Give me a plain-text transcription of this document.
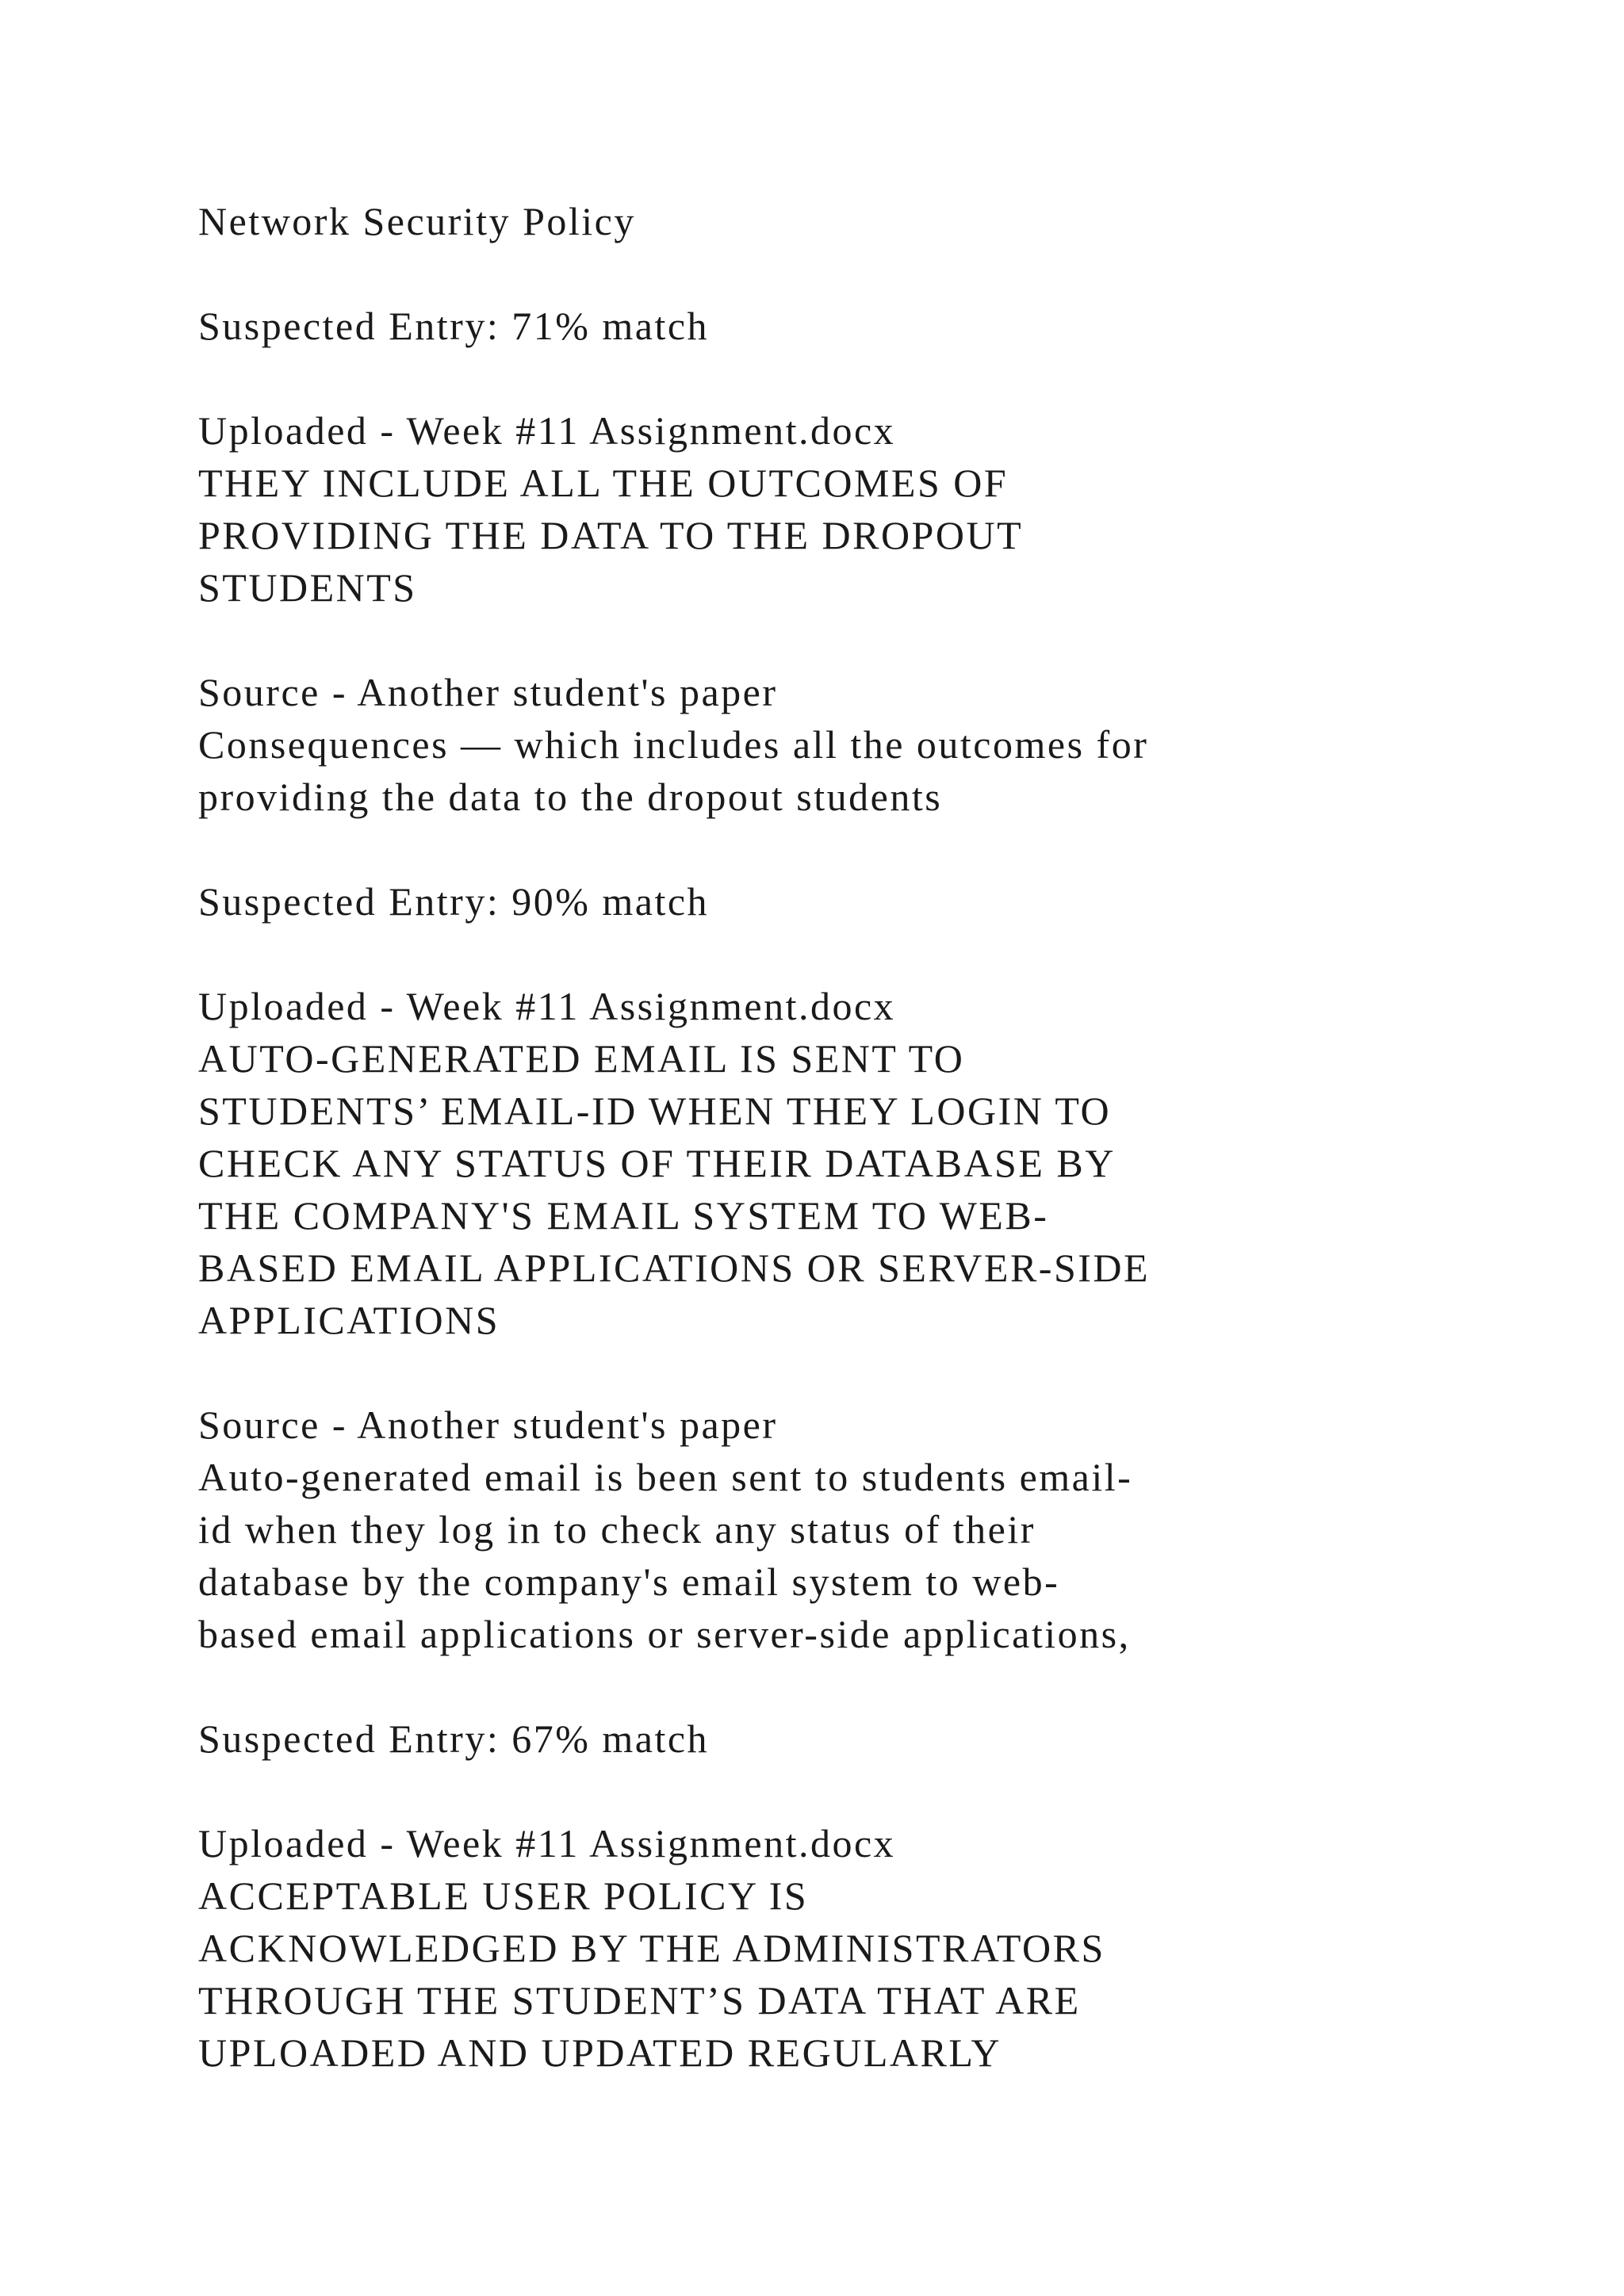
Network Security Policy

Suspected Entry: 71% match

Uploaded - Week #11 Assignment.docx

THEY INCLUDE ALL THE OUTCOMES OF

PROVIDING THE DATA TO THE DROPOUT

STUDENTS

Source - Another student's paper

Consequences — which includes all the outcomes for

providing the data to the dropout students

Suspected Entry: 90% match

Uploaded - Week #11 Assignment.docx

AUTO-GENERATED EMAIL IS SENT TO

STUDENTS’ EMAIL-ID WHEN THEY LOGIN TO

CHECK ANY STATUS OF THEIR DATABASE BY

THE COMPANY'S EMAIL SYSTEM TO WEB-

BASED EMAIL APPLICATIONS OR SERVER-SIDE

APPLICATIONS

Source - Another student's paper

Auto-generated email is been sent to students email-

id when they log in to check any status of their

database by the company's email system to web-

based email applications or server-side applications,

Suspected Entry: 67% match

Uploaded - Week #11 Assignment.docx

ACCEPTABLE USER POLICY IS

ACKNOWLEDGED BY THE ADMINISTRATORS

THROUGH THE STUDENT’S DATA THAT ARE

UPLOADED AND UPDATED REGULARLY
